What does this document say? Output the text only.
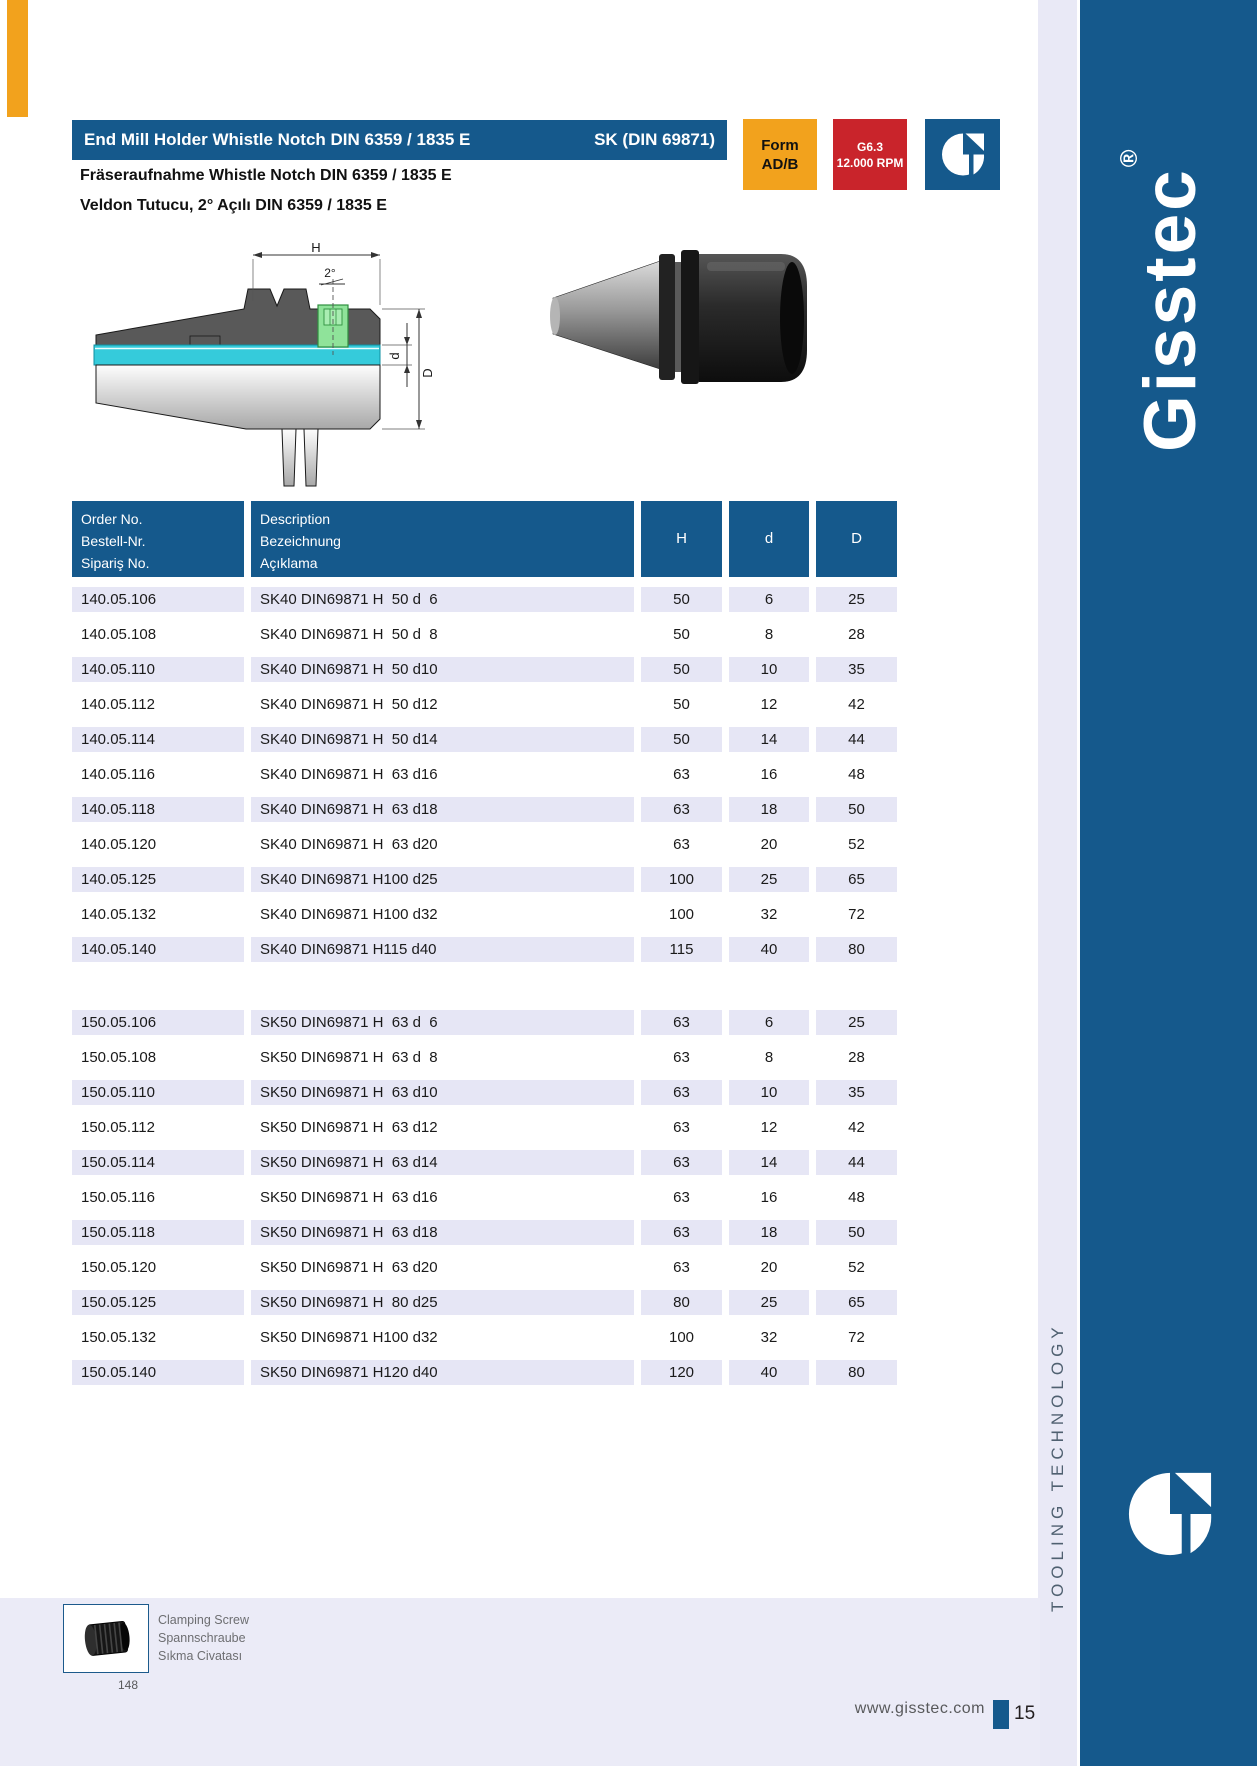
End Mill Holder Whistle Notch DIN 6359 / 1835 E	SK (DIN 69871)
Fräseraufnahme Whistle Notch DIN 6359 / 1835 E
Veldon Tutucu, 2° Açılı DIN 6359 / 1835 E
Form
AD/B
G6.3
12.000 RPM
H
2°
D
d
Order No.
Bestell-Nr.
Sipariş No.
Description
Bezeichnung
Açıklama
H	d	D
140.05.106	SK40 DIN69871 H  50 d  6	50	6	25
140.05.108	SK40 DIN69871 H  50 d  8	50	8	28
140.05.110	SK40 DIN69871 H  50 d10	50	10	35
140.05.112	SK40 DIN69871 H  50 d12	50	12	42
140.05.114	SK40 DIN69871 H  50 d14	50	14	44
140.05.116	SK40 DIN69871 H  63 d16	63	16	48
140.05.118	SK40 DIN69871 H  63 d18	63	18	50
140.05.120	SK40 DIN69871 H  63 d20	63	20	52
140.05.125	SK40 DIN69871 H100 d25	100	25	65
140.05.132	SK40 DIN69871 H100 d32	100	32	72
140.05.140	SK40 DIN69871 H115 d40	115	40	80
150.05.106	SK50 DIN69871 H  63 d  6	63	6	25
150.05.108	SK50 DIN69871 H  63 d  8	63	8	28
150.05.110	SK50 DIN69871 H  63 d10	63	10	35
150.05.112	SK50 DIN69871 H  63 d12	63	12	42
150.05.114	SK50 DIN69871 H  63 d14	63	14	44
150.05.116	SK50 DIN69871 H  63 d16	63	16	48
150.05.118	SK50 DIN69871 H  63 d18	63	18	50
150.05.120	SK50 DIN69871 H  63 d20	63	20	52
150.05.125	SK50 DIN69871 H  80 d25	80	25	65
150.05.132	SK50 DIN69871 H100 d32	100	32	72
150.05.140	SK50 DIN69871 H120 d40	120	40	80
Clamping Screw
Spannschraube
Sıkma Civatası
148
www.gisstec.com 15
Gisstec®
TOOLING TECHNOLOGY
